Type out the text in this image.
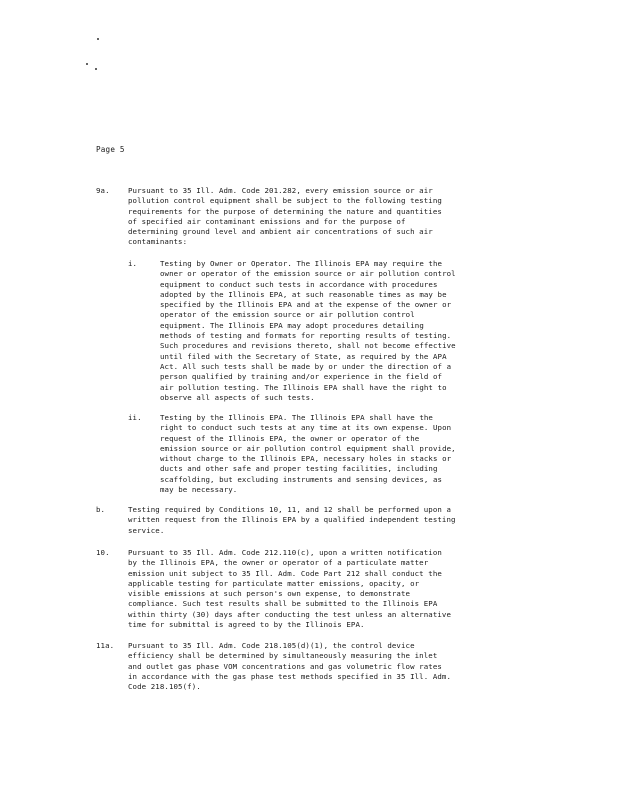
Page 5
9a. Pursuant to 35 Ill. Adm. Code 201.282, every emission source or air
pollution control equipment shall be subject to the following testing
requirements for the purpose of determining the nature and quantities
of specified air contaminant emissions and for the purpose of
determining ground level and ambient air concentrations of such air
contaminants:
i.	Testing by Owner or Operator. The Illinois EPA may require the
owner or operator of the emission source or air pollution control
equipment to conduct such tests in accordance with procedures
adopted by the Illinois EPA, at such reasonable times as may be
specified by the Illinois EPA and at the expense of the owner or
operator of the emission source or air pollution control
equipment. The Illinois EPA may adopt procedures detailing
methods of testing and formats for reporting results of testing.
Such procedures and revisions thereto, shall not become effective
until filed with the Secretary of State, as required by the APA
Act. All such tests shall be made by or under the direction of a
person qualified by training and/or experience in the field of
air pollution testing. The Illinois EPA shall have the right to
observe all aspects of such tests.
ii. Testing by the Illinois EPA. The Illinois EPA shall have the
right to conduct such tests at any time at its own expense. Upon
request of the Illinois EPA, the owner or operator of the
emission source or air pollution control equipment shall provide,
without charge to the Illinois EPA, necessary holes in stacks or
ducts and other safe and proper testing facilities, including
scaffolding, but excluding instruments and sensing devices, as
may be necessary.
b.	Testing required by Conditions 10, 11, and 12 shall be performed upon a
written request from the Illinois EPA by a qualified independent testing
service.
10. Pursuant to 35 Ill. Adm. Code 212.110(c), upon a written notification
by the Illinois EPA, the owner or operator of a particulate matter
emission unit subject to 35 Ill. Adm. Code Part 212 shall conduct the
applicable testing for particulate matter emissions, opacity, or
visible emissions at such person's own expense, to demonstrate
compliance. Such test results shall be submitted to the Illinois EPA
within thirty (30) days after conducting the test unless an alternative
time for submittal is agreed to by the Illinois EPA.
11a. Pursuant to 35 Ill. Adm. Code 218.105(d)(1), the control device
efficiency shall be determined by simultaneously measuring the inlet
and outlet gas phase VOM concentrations and gas volumetric flow rates
in accordance with the gas phase test methods specified in 35 Ill. Adm.
Code 218.105(f).
